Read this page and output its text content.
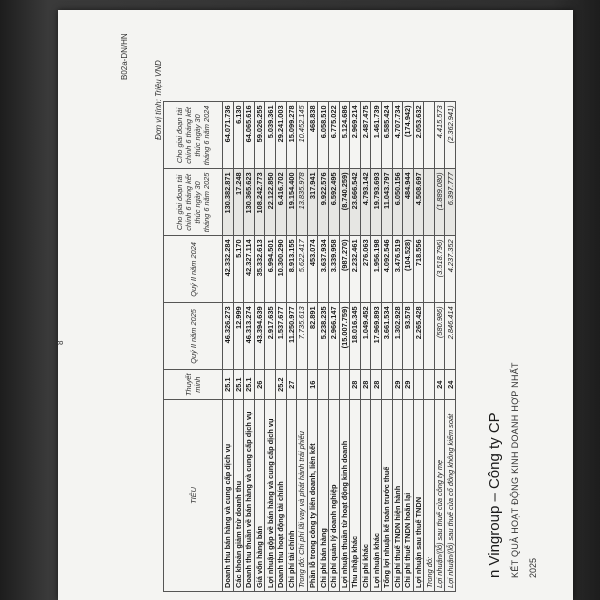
n Vingroup – Công ty CP KẾT QUẢ HOẠT ĐỘNG KINH DOANH HỢP NHẤT 2025
B02a-DN/HN
Đơn vị tính: Triệu VND
8
TIÊU	Thuyết minh	Quý II năm 2025	Quý II năm 2024	Cho giai đoạn tài chính 6 tháng kết thúc ngày 30 tháng 6 năm 2025	Cho giai đoạn tài chính 6 tháng kết thúc ngày 30 tháng 6 năm 2024
Doanh thu bán hàng và cung cấp dịch vụ	25.1	46.326.273	42.332.284	130.382.871	64.071.736
Các khoản giảm trừ doanh thu	25.1	12.999	5.170	17.248	6.130
Doanh thu thuần về bán hàng và cung cấp dịch vụ	25.1	46.313.274	42.327.114	130.365.623	64.065.616
Giá vốn hàng bán	26	43.394.639	35.332.613	108.242.773	59.026.255
Lợi nhuận gộp về bán hàng và cung cấp dịch vụ		2.917.635	6.994.501	22.122.850	5.039.361
Doanh thu hoạt động tài chính	25.2	1.537.677	10.300.290	6.416.702	29.241.003
Chi phí tài chính	27	11.250.977	8.913.155	19.154.400	15.099.278
Trong đó: Chi phí lãi vay và phát hành trái phiếu		7.735.613	5.622.417	13.835.978	10.452.145
Phần lỗ trong công ty liên doanh, liên kết	16	82.891	453.074	317.941	468.838
Chi phí bán hàng		5.238.235	3.637.934	9.922.576	6.058.510
Chi phí quản lý doanh nghiệp		2.966.147	3.339.958	6.592.495	6.775.022
Lợi nhuận thuần từ hoạt động kinh doanh		(15.007.759)	(987.270)	(8.740.259)	5.124.686
Thu nhập khác	28	18.016.345	2.232.461	23.666.542	2.969.214
Chi phí khác	28	1.049.452	276.063	4.793.142	2.487.475
Lợi nhuận khác	28	17.969.893	1.956.198	19.793.693	1.461.739
Tổng lợi nhuận kế toán trước thuế		3.661.534	4.092.546	11.043.797	6.585.424
Chi phí thuế TNDN hiện hành	29	1.302.928	3.476.519	6.050.156	4.707.734
Chi phí thuế TNDN hoãn lại	29	93.578	(104.528)	484.944	(174.942)
Lợi nhuận sau thuế TNDN		2.265.428	718.556	4.508.697	2.053.632
Trong đó:					
Lợi nhuận/(lỗ) sau thuế của công ty mẹ	24	(580.986)	(3.518.796)	(1.889.080)	4.415.573
Lợi nhuận/(lỗ) sau thuế của cổ đông không kiểm soát	24	2.846.414	4.237.352	6.397.777	(2.362.941)
